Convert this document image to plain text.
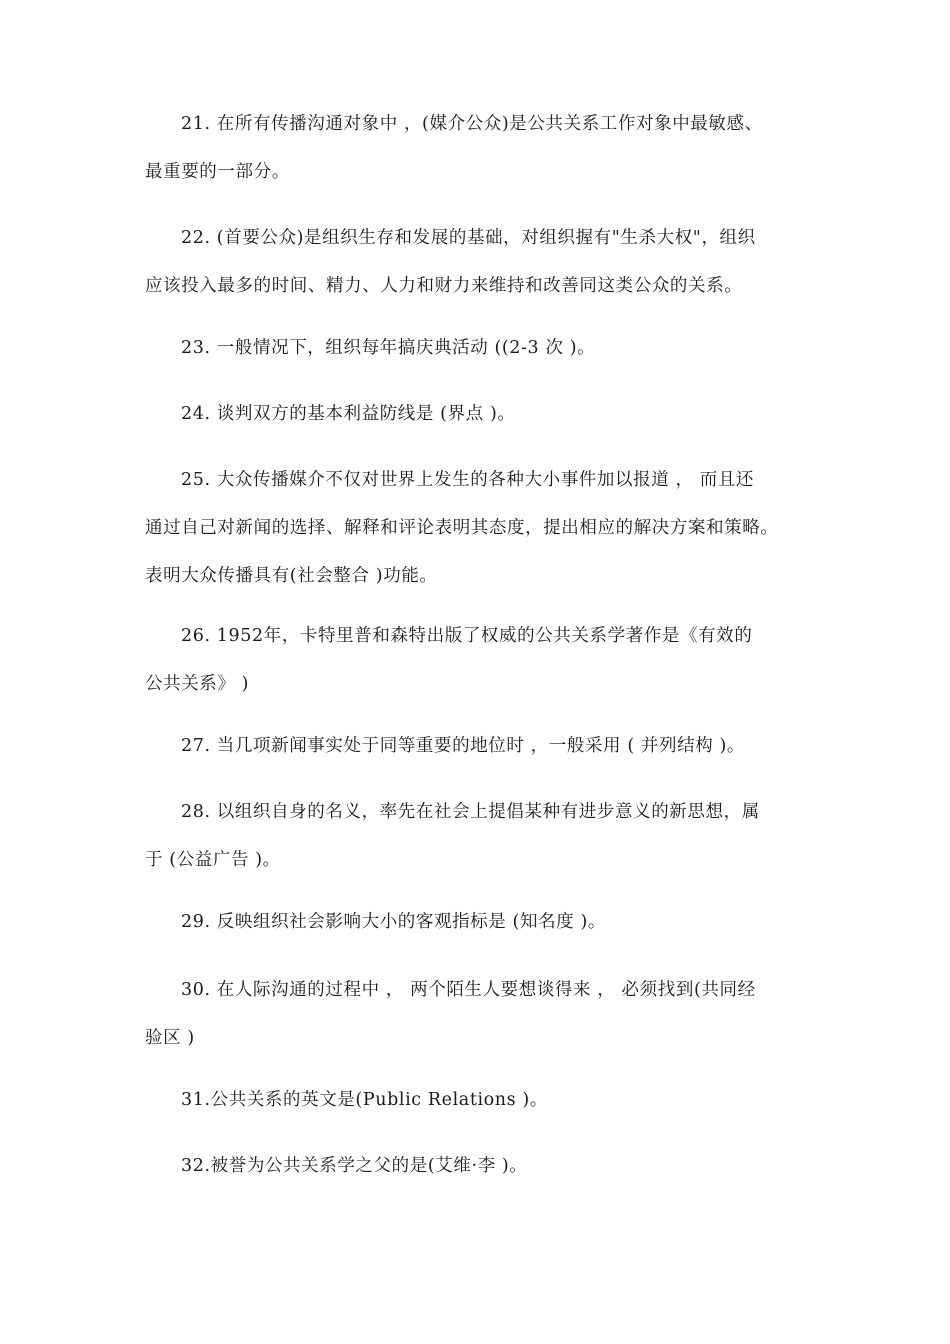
21. 在所有传播沟通对象中 ，(媒介公众)是公共关系工作对象中最敏感、
最重要的一部分。
22. (首要公众)是组织生存和发展的基础，对组织握有"生杀大权"，组织
应该投入最多的时间、精力、人力和财力来维持和改善同这类公众的关系。
23. 一般情况下，组织每年搞庆典活动 ((2-3 次 )。
24. 谈判双方的基本利益防线是 (界点 )。
25. 大众传播媒介不仅对世界上发生的各种大小事件加以报道 ， 而且还
通过自己对新闻的选择、解释和评论表明其态度，提出相应的解决方案和策略。
表明大众传播具有(社会整合 )功能。
26. 1952年，卡特里普和森特出版了权威的公共关系学著作是《有效的
公共关系》 )
27. 当几项新闻事实处于同等重要的地位时 ，一般采用 ( 并列结构 )。
28. 以组织自身的名义，率先在社会上提倡某种有进步意义的新思想，属
于 (公益广告 )。
29. 反映组织社会影响大小的客观指标是 (知名度 )。
30. 在人际沟通的过程中 ， 两个陌生人要想谈得来 ， 必须找到(共同经
验区 )
31.公共关系的英文是(Public Relations )。
32.被誉为公共关系学之父的是(艾维·李 )。
